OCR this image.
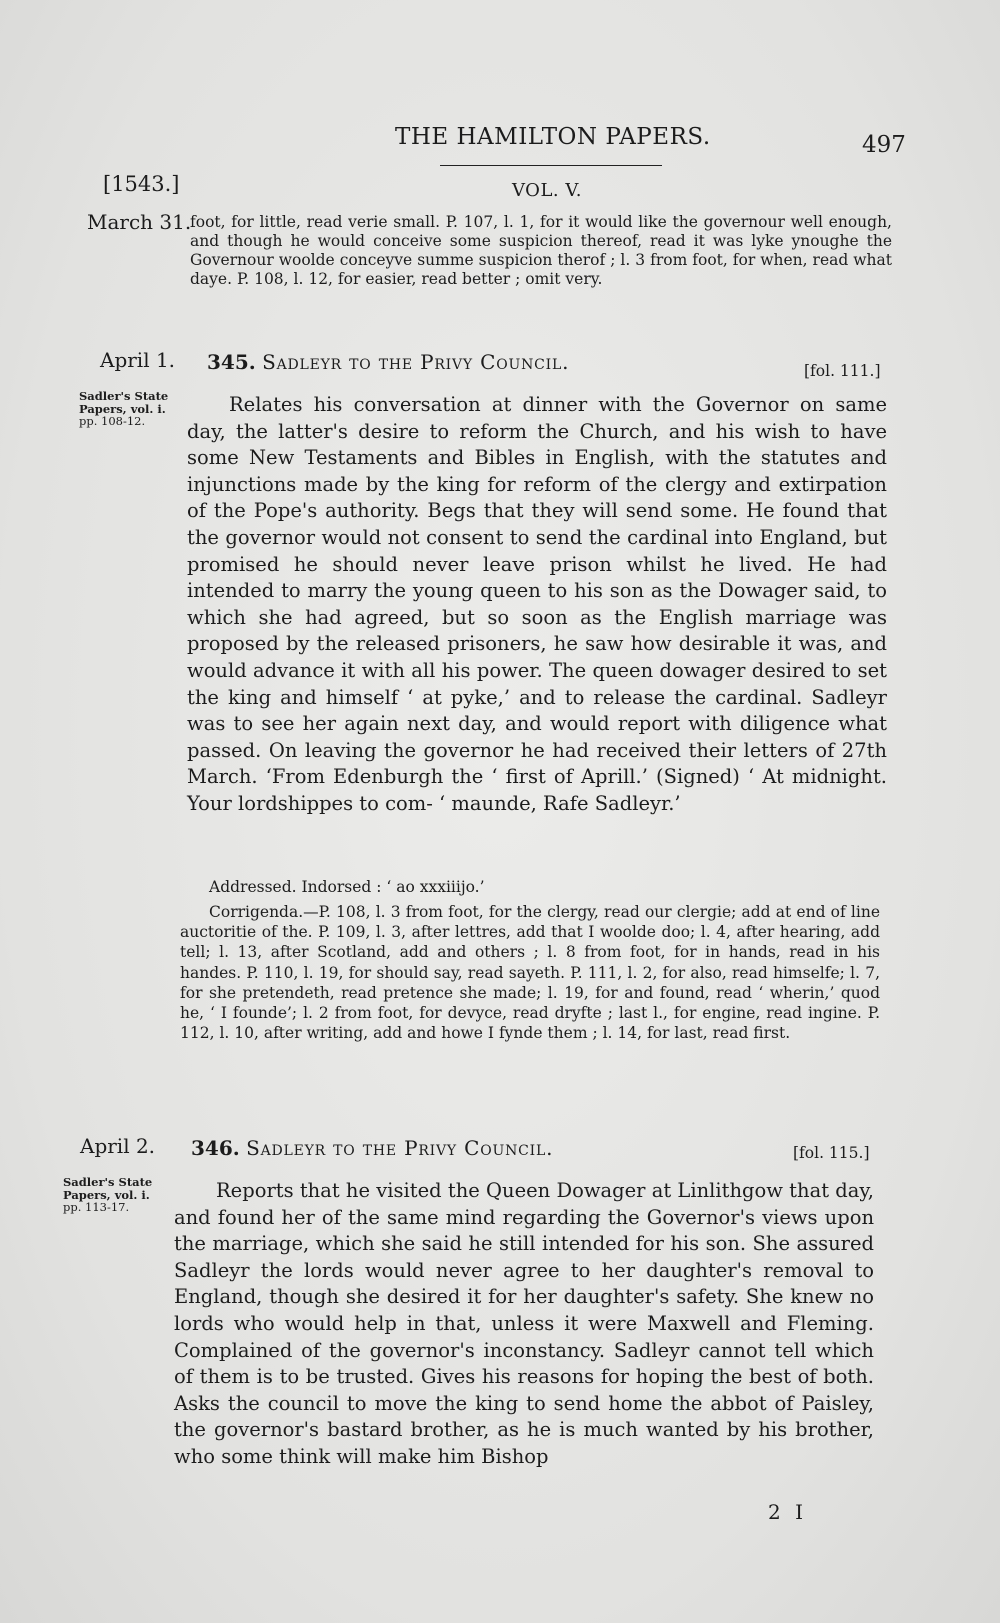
THE HAMILTON PAPERS.	497
[1543.]	VOL. V.
March 31.

foot, for little, read verie small. P. 107, l. 1, for it would like the governour well enough, and though he would conceive some suspicion thereof, read it was lyke ynoughe the Governour woolde conceyve summe suspicion therof ; l. 3 from foot, for when, read what daye. P. 108, l. 12, for easier, read better ; omit very.

April 1. 345. Sadleyr to the Privy Council.	[fol. 111.]
Sadler's State
Papers, vol. i.
pp. 108-12.

Relates his conversation at dinner with the Governor on same day, the latter's desire to reform the Church, and his wish to have some New Testaments and Bibles in English, with the statutes and injunctions made by the king for reform of the clergy and extirpation of the Pope's authority. Begs that they will send some. He found that the governor would not consent to send the cardinal into England, but promised he should never leave prison whilst he lived. He had intended to marry the young queen to his son as the Dowager said, to which she had agreed, but so soon as the English marriage was proposed by the released prisoners, he saw how desirable it was, and would advance it with all his power. The queen dowager desired to set the king and himself ‘ at pyke,’ and to release the cardinal. Sadleyr was to see her again next day, and would report with diligence what passed. On leaving the governor he had received their letters of 27th March. ‘From Edenburgh the ‘ first of Aprill.’ (Signed) ‘ At midnight. Your lordshippes to com- ‘ maunde, Rafe Sadleyr.’

Addressed. Indorsed : ‘ ao xxxiiijo.’

Corrigenda.—P. 108, l. 3 from foot, for the clergy, read our clergie; add at end of line auctoritie of the. P. 109, l. 3, after lettres, add that I woolde doo; l. 4, after hearing, add tell; l. 13, after Scotland, add and others ; l. 8 from foot, for in hands, read in his handes. P. 110, l. 19, for should say, read sayeth. P. 111, l. 2, for also, read himselfe; l. 7, for she pretendeth, read pretence she made; l. 19, for and found, read ‘ wherin,’ quod he, ‘ I founde’; l. 2 from foot, for devyce, read dryfte ; last l., for engine, read ingine. P. 112, l. 10, after writing, add and howe I fynde them ; l. 14, for last, read first.

April 2. 346. Sadleyr to the Privy Council.	[fol. 115.]
Sadler's State
Papers, vol. i.
pp. 113-17.

Reports that he visited the Queen Dowager at Linlithgow that day, and found her of the same mind regarding the Governor's views upon the marriage, which she said he still intended for his son. She assured Sadleyr the lords would never agree to her daughter's removal to England, though she desired it for her daughter's safety. She knew no lords who would help in that, unless it were Maxwell and Fleming. Complained of the governor's inconstancy. Sadleyr cannot tell which of them is to be trusted. Gives his reasons for hoping the best of both. Asks the council to move the king to send home the abbot of Paisley, the governor's bastard brother, as he is much wanted by his brother, who some think will make him Bishop

2 I
